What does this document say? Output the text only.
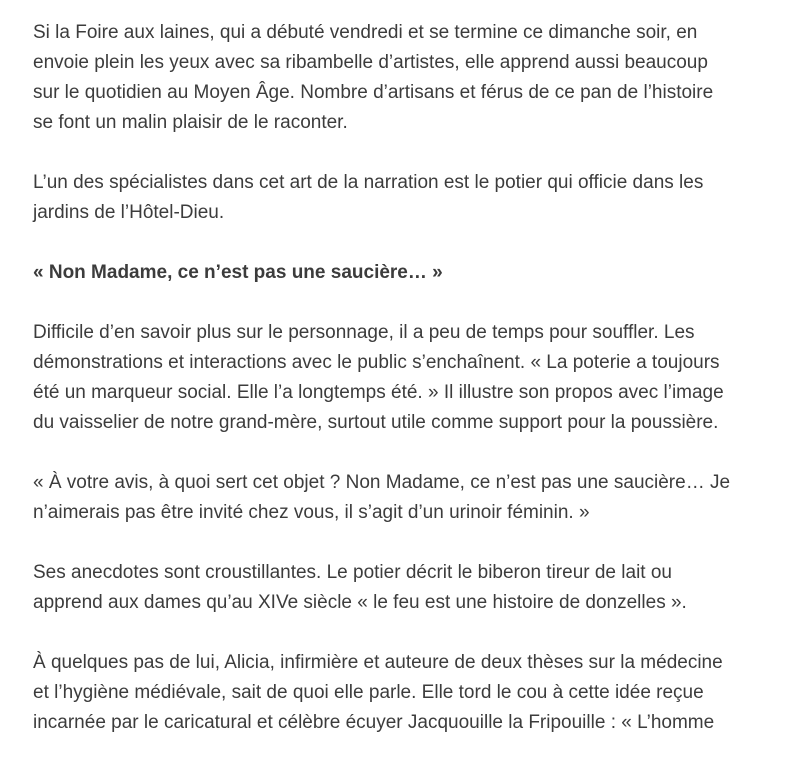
Si la Foire aux laines, qui a débuté vendredi et se termine ce dimanche soir, en
envoie plein les yeux avec sa ribambelle d’artistes, elle apprend aussi beaucoup
sur le quotidien au Moyen Âge. Nombre d’artisans et férus de ce pan de l’histoire
se font un malin plaisir de le raconter.

L’un des spécialistes dans cet art de la narration est le potier qui officie dans les
jardins de l’Hôtel-Dieu.

« Non Madame, ce n’est pas une saucière… »

Difficile d’en savoir plus sur le personnage, il a peu de temps pour souffler. Les
démonstrations et interactions avec le public s’enchaînent. « La poterie a toujours
été un marqueur social. Elle l’a longtemps été. » Il illustre son propos avec l’image
du vaisselier de notre grand-mère, surtout utile comme support pour la poussière.

« À votre avis, à quoi sert cet objet ? Non Madame, ce n’est pas une saucière… Je
n’aimerais pas être invité chez vous, il s’agit d’un urinoir féminin. »

Ses anecdotes sont croustillantes. Le potier décrit le biberon tireur de lait ou
apprend aux dames qu’au XIVe siècle « le feu est une histoire de donzelles ».

À quelques pas de lui, Alicia, infirmière et auteure de deux thèses sur la médecine
et l’hygiène médiévale, sait de quoi elle parle. Elle tord le cou à cette idée reçue
incarnée par le caricatural et célèbre écuyer Jacquouille la Fripouille : « L’homme
